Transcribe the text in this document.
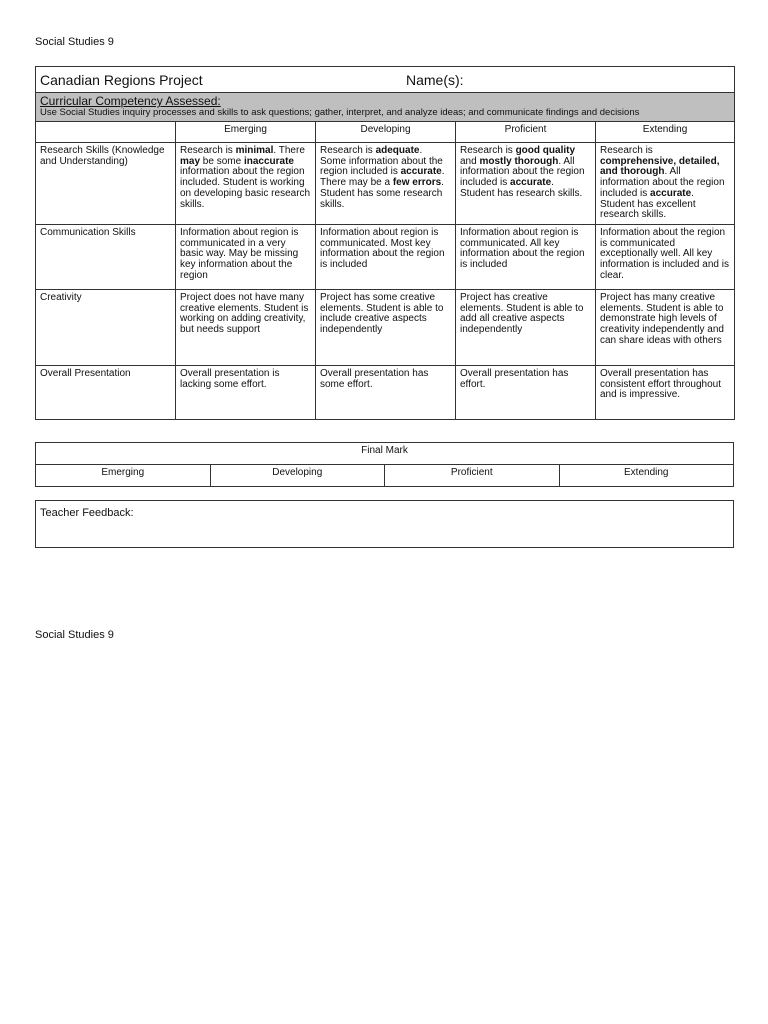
Social Studies 9
Canadian Regions Project Name(s):				

Curricular Competency Assessed:
Use Social Studies inquiry processes and skills to ask questions; gather, interpret, and analyze ideas; and communicate findings and decisions				

	Emerging	Developing	Proficient	Extending
Research Skills (Knowledge and Understanding)	Research is minimal. There may be some inaccurate information about the region included. Student is working on developing basic research skills.	Research is adequate. Some information about the region included is accurate. There may be a few errors. Student has some research skills.	Research is good quality and mostly thorough. All information about the region included is accurate. Student has research skills.	Research is comprehensive, detailed, and thorough. All information about the region included is accurate. Student has excellent research skills.
Communication Skills	Information about region is communicated in a very basic way. May be missing key information about the region	Information about region is communicated. Most key information about the region is included	Information about region is communicated. All key information about the region is included	Information about the region is communicated exceptionally well. All key information is included and is clear.
Creativity	Project does not have many creative elements. Student is working on adding creativity, but needs support	Project has some creative elements. Student is able to include creative aspects independently	Project has creative elements. Student is able to add all creative aspects independently	Project has many creative elements. Student is able to demonstrate high levels of creativity independently and can share ideas with others
Overall Presentation	Overall presentation is lacking some effort.	Overall presentation has some effort.	Overall presentation has effort.	Overall presentation has consistent effort throughout and is impressive.
Final Mark
Emerging	Developing	Proficient	Extending
Teacher Feedback:
Social Studies 9
